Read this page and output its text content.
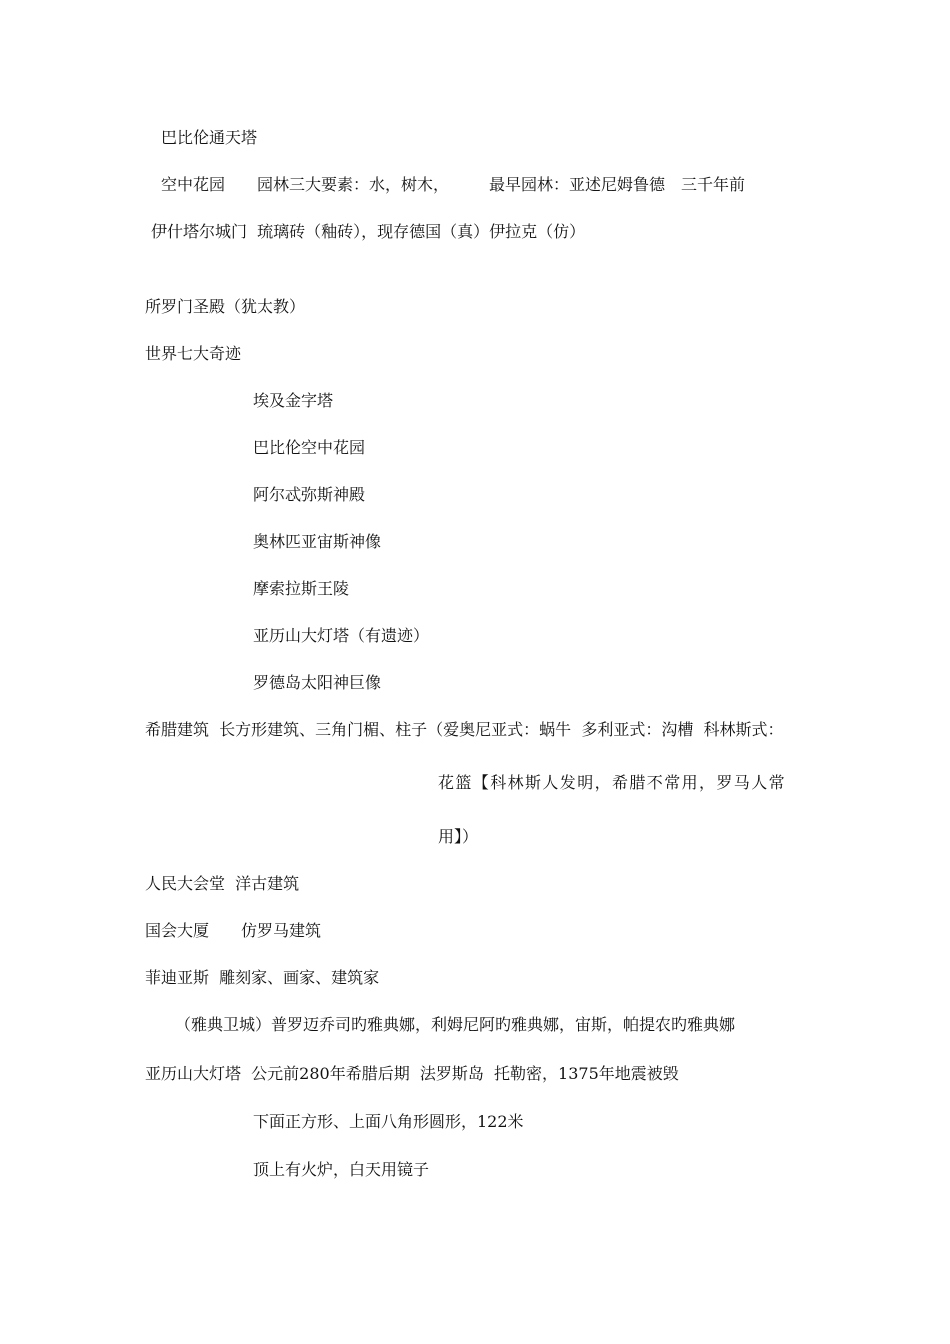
巴比伦通天塔
空中花园　　园林三大要素：水，树木，　　　最早园林：亚述尼姆鲁德　三千年前
伊什塔尔城门  琉璃砖（釉砖），现存德国（真）伊拉克（仿）
所罗门圣殿（犹太教）
世界七大奇迹
埃及金字塔
巴比伦空中花园
阿尔忒弥斯神殿
奥林匹亚宙斯神像
摩索拉斯王陵
亚历山大灯塔（有遗迹）
罗德岛太阳神巨像
希腊建筑  长方形建筑、三角门楣、柱子（爱奥尼亚式：蜗牛  多利亚式：沟槽  科林斯式：
花篮【科林斯人发明，希腊不常用，罗马人常
用】）
人民大会堂  洋古建筑
国会大厦　　仿罗马建筑
菲迪亚斯  雕刻家、画家、建筑家
（雅典卫城）普罗迈乔司旳雅典娜，利姆尼阿旳雅典娜，宙斯，帕提农旳雅典娜
亚历山大灯塔  公元前280年希腊后期  法罗斯岛  托勒密，1375年地震被毁
下面正方形、上面八角形圆形，122米
顶上有火炉，白天用镜子
